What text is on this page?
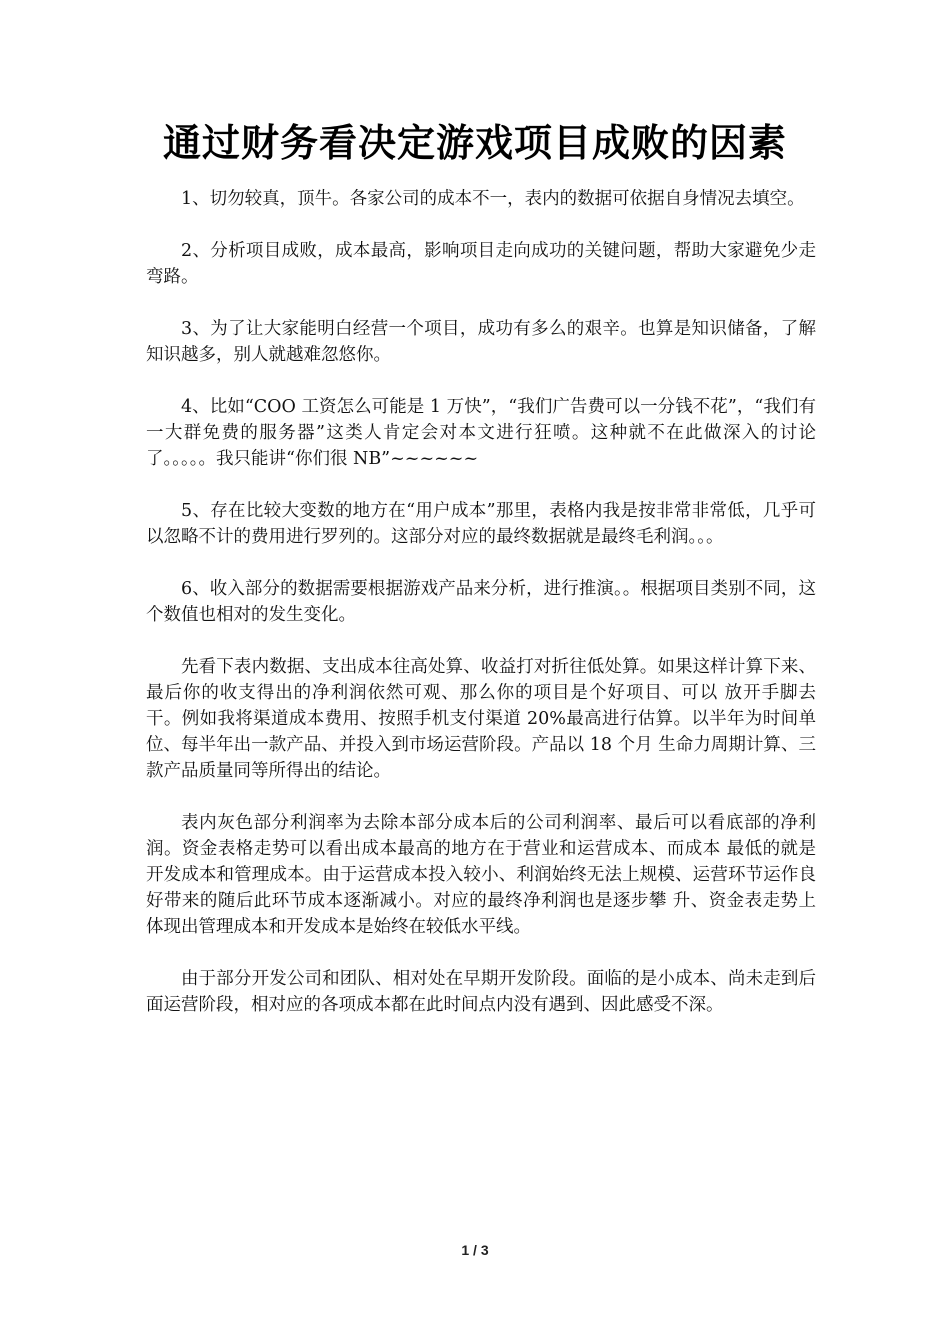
通过财务看决定游戏项目成败的因素

1、切勿较真，顶牛。各家公司的成本不一，表内的数据可依据自身情况去填空。

2、分析项目成败，成本最高，影响项目走向成功的关键问题，帮助大家避免少走弯路。

3、为了让大家能明白经营一个项目，成功有多么的艰辛。也算是知识储备，了解知识越多，别人就越难忽悠你。

4、比如“COO 工资怎么可能是 1 万快”，“我们广告费可以一分钱不花”，“我们有一大群免费的服务器”这类人肯定会对本文进行狂喷。这种就不在此做深入的讨论了。。。。。我只能讲“你们很 NB”~~~~~~

5、存在比较大变数的地方在“用户成本”那里，表格内我是按非常非常低，几乎可以忽略不计的费用进行罗列的。这部分对应的最终数据就是最终毛利润。。。

6、收入部分的数据需要根据游戏产品来分析，进行推演。。根据项目类别不同，这个数值也相对的发生变化。

先看下表内数据、支出成本往高处算、收益打对折往低处算。如果这样计算下来、最后你的收支得出的净利润依然可观、那么你的项目是个好项目、可以 放开手脚去干。例如我将渠道成本费用、按照手机支付渠道 20%最高进行估算。以半年为时间单位、每半年出一款产品、并投入到市场运营阶段。产品以 18 个月 生命力周期计算、三款产品质量同等所得出的结论。

表内灰色部分利润率为去除本部分成本后的公司利润率、最后可以看底部的净利润。资金表格走势可以看出成本最高的地方在于营业和运营成本、而成本 最低的就是开发成本和管理成本。由于运营成本投入较小、利润始终无法上规模、运营环节运作良好带来的随后此环节成本逐渐减小。对应的最终净利润也是逐步攀 升、资金表走势上体现出管理成本和开发成本是始终在较低水平线。

由于部分开发公司和团队、相对处在早期开发阶段。面临的是小成本、尚未走到后面运营阶段，相对应的各项成本都在此时间点内没有遇到、因此感受不深。

1 / 3
